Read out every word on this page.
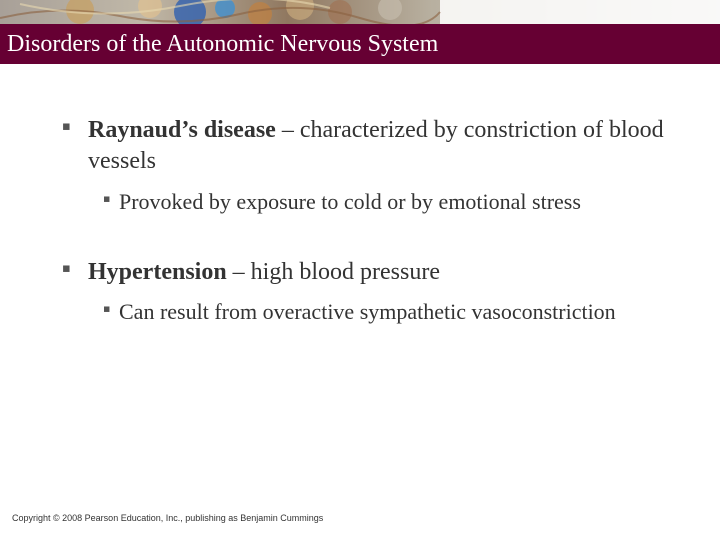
Disorders of the Autonomic Nervous System
▪ Raynaud’s disease – characterized by constriction of blood vessels

▪ Provoked by exposure to cold or by emotional stress

▪ Hypertension – high blood pressure

▪ Can result from overactive sympathetic vasoconstriction

Copyright © 2008 Pearson Education, Inc., publishing as Benjamin Cummings
